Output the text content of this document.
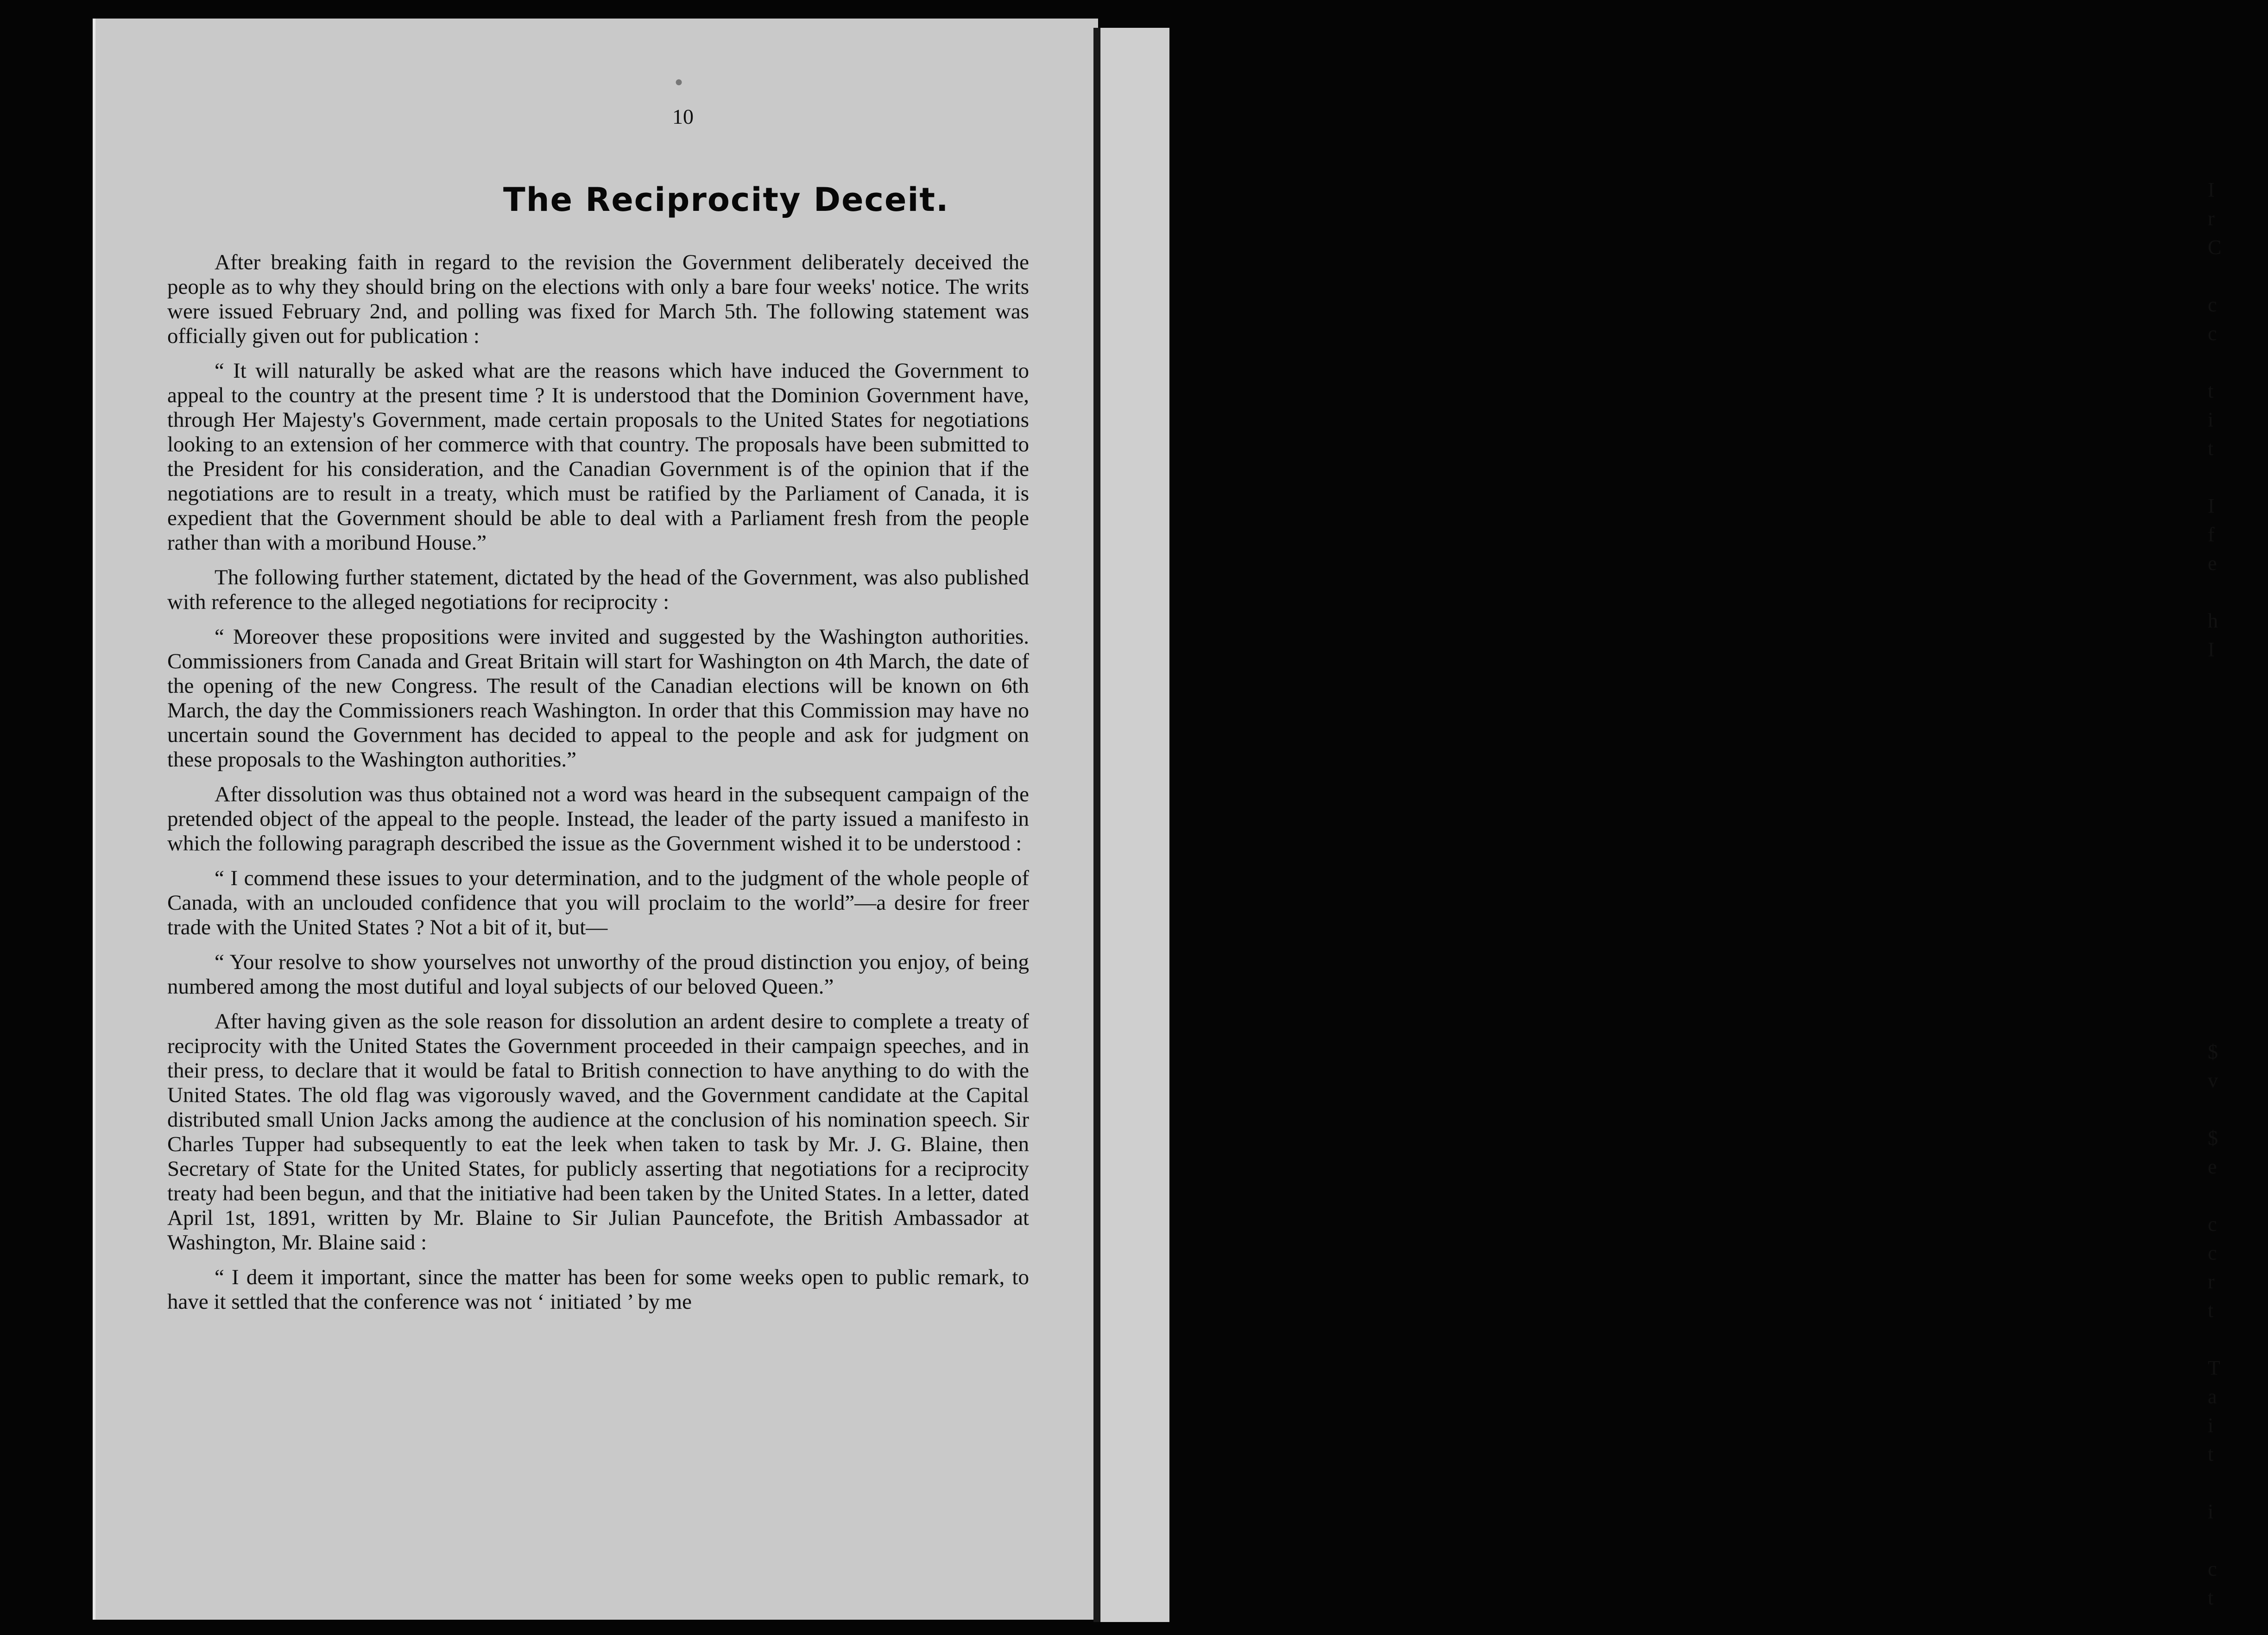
10
The Reciprocity Deceit.

After breaking faith in regard to the revision the Government deliberately deceived the people as to why they should bring on the elections with only a bare four weeks' notice. The writs were issued February 2nd, and polling was fixed for March 5th. The following statement was officially given out for publication :

“ It will naturally be asked what are the reasons which have induced the Government to appeal to the country at the present time ? It is understood that the Dominion Government have, through Her Majesty's Government, made certain proposals to the United States for negotiations looking to an extension of her commerce with that country. The proposals have been submitted to the President for his consideration, and the Canadian Government is of the opinion that if the negotiations are to result in a treaty, which must be ratified by the Parliament of Canada, it is expedient that the Government should be able to deal with a Parliament fresh from the people rather than with a moribund House.”

The following further statement, dictated by the head of the Government, was also published with reference to the alleged negotiations for reciprocity :

“ Moreover these propositions were invited and suggested by the Washington authorities. Commissioners from Canada and Great Britain will start for Washington on 4th March, the date of the opening of the new Congress. The result of the Canadian elections will be known on 6th March, the day the Commissioners reach Washington. In order that this Commission may have no uncertain sound the Government has decided to appeal to the people and ask for judgment on these proposals to the Washington authorities.”

After dissolution was thus obtained not a word was heard in the subsequent campaign of the pretended object of the appeal to the people. Instead, the leader of the party issued a manifesto in which the following paragraph described the issue as the Government wished it to be understood :

“ I commend these issues to your determination, and to the judgment of the whole people of Canada, with an unclouded confidence that you will proclaim to the world”—a desire for freer trade with the United States ? Not a bit of it, but—

“ Your resolve to show yourselves not unworthy of the proud distinction you enjoy, of being numbered among the most dutiful and loyal subjects of our beloved Queen.”

After having given as the sole reason for dissolution an ardent desire to complete a treaty of reciprocity with the United States the Government proceeded in their campaign speeches, and in their press, to declare that it would be fatal to British connection to have anything to do with the United States. The old flag was vigorously waved, and the Government candidate at the Capital distributed small Union Jacks among the audience at the conclusion of his nomination speech. Sir Charles Tupper had subsequently to eat the leek when taken to task by Mr. J. G. Blaine, then Secretary of State for the United States, for publicly asserting that negotiations for a reciprocity treaty had been begun, and that the initiative had been taken by the United States. In a letter, dated April 1st, 1891, written by Mr. Blaine to Sir Julian Pauncefote, the British Ambassador at Washington, Mr. Blaine said :

“ I deem it important, since the matter has been for some weeks open to public remark, to have it settled that the conference was not ‘ initiated ’ by me

●
I
r
C
c
c
t
i
t
I
f
e
h
I
$
v
$
e
c
c
r
t
T
a
i
t
i
c
t
